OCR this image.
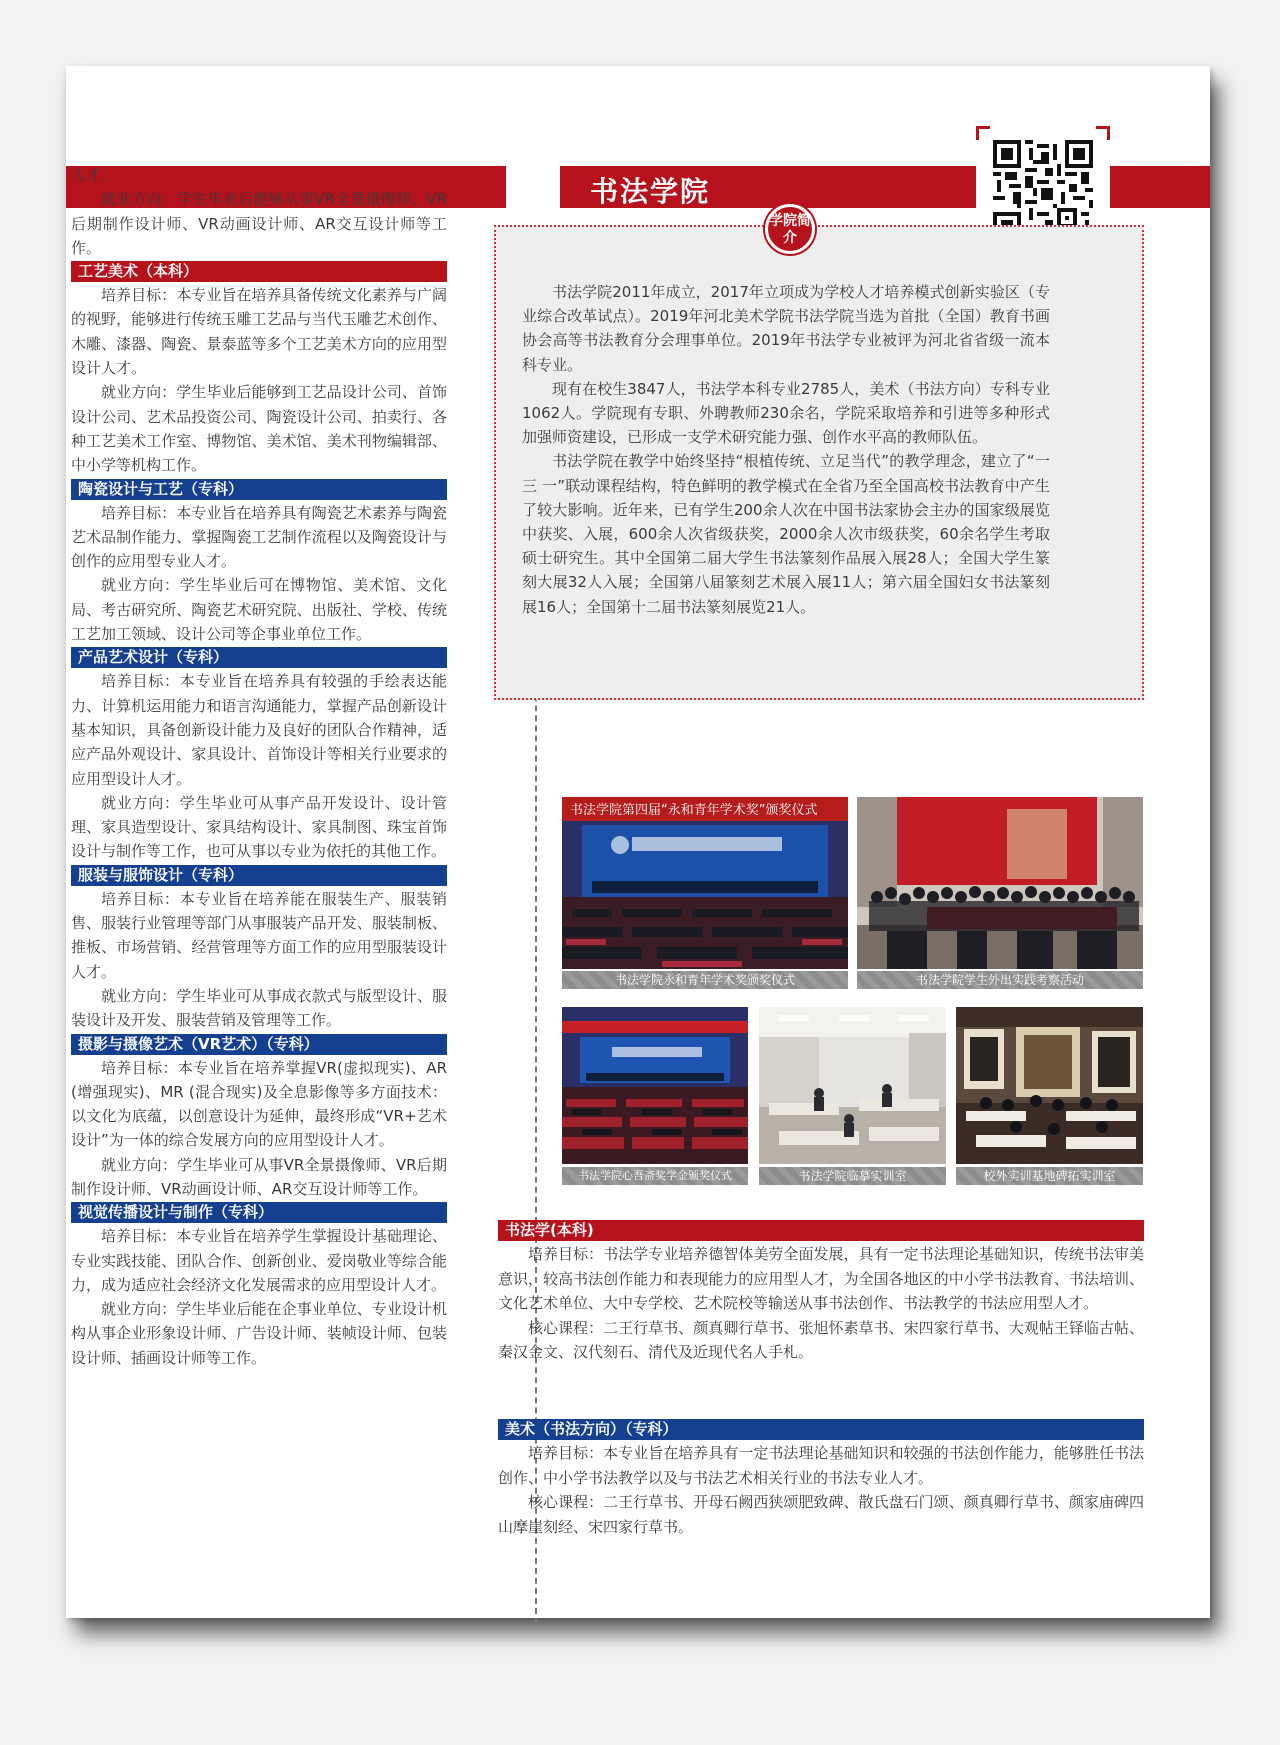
书法学院

人才。

就业方向：学生毕业后能够从事VR全景摄像师、VR后期制作设计师、VR动画设计师、AR交互设计师等工作。

工艺美术（本科）

培养目标：本专业旨在培养具备传统文化素养与广阔的视野，能够进行传统玉雕工艺品与当代玉雕艺术创作、木雕、漆器、陶瓷、景泰蓝等多个工艺美术方向的应用型设计人才。

就业方向：学生毕业后能够到工艺品设计公司、首饰设计公司、艺术品投资公司、陶瓷设计公司、拍卖行、各种工艺美术工作室、博物馆、美术馆、美术刊物编辑部、中小学等机构工作。

陶瓷设计与工艺（专科）

培养目标：本专业旨在培养具有陶瓷艺术素养与陶瓷艺术品制作能力、掌握陶瓷工艺制作流程以及陶瓷设计与创作的应用型专业人才。

就业方向：学生毕业后可在博物馆、美术馆、文化局、考古研究所、陶瓷艺术研究院、出版社、学校、传统工艺加工领域、设计公司等企事业单位工作。

产品艺术设计（专科）

培养目标：本专业旨在培养具有较强的手绘表达能力、计算机运用能力和语言沟通能力，掌握产品创新设计基本知识，具备创新设计能力及良好的团队合作精神，适应产品外观设计、家具设计、首饰设计等相关行业要求的应用型设计人才。

就业方向：学生毕业可从事产品开发设计、设计管理、家具造型设计、家具结构设计、家具制图、珠宝首饰设计与制作等工作，也可从事以专业为依托的其他工作。

服装与服饰设计（专科）

培养目标：本专业旨在培养能在服装生产、服装销售、服装行业管理等部门从事服装产品开发、服装制板、推板、市场营销、经营管理等方面工作的应用型服装设计人才。

就业方向：学生毕业可从事成衣款式与版型设计、服装设计及开发、服装营销及管理等工作。

摄影与摄像艺术（VR艺术）（专科）

培养目标：本专业旨在培养掌握VR(虚拟现实)、AR (增强现实)、MR (混合现实)及全息影像等多方面技术：以文化为底蕴，以创意设计为延伸，最终形成“VR+艺术设计”为一体的综合发展方向的应用型设计人才。

就业方向：学生毕业可从事VR全景摄像师、VR后期制作设计师、VR动画设计师、AR交互设计师等工作。

视觉传播设计与制作（专科）

培养目标：本专业旨在培养学生掌握设计基础理论、专业实践技能、团队合作、创新创业、爱岗敬业等综合能力，成为适应社会经济文化发展需求的应用型设计人才。

就业方向：学生毕业后能在企事业单位、专业设计机构从事企业形象设计师、广告设计师、装帧设计师、包装设计师、插画设计师等工作。

学院简介

书法学院2011年成立，2017年立项成为学校人才培养模式创新实验区（专业综合改革试点）。2019年河北美术学院书法学院当选为首批（全国）教育书画协会高等书法教育分会理事单位。2019年书法学专业被评为河北省省级一流本科专业。

现有在校生3847人，书法学本科专业2785人，美术（书法方向）专科专业1062人。学院现有专职、外聘教师230余名，学院采取培养和引进等多种形式加强师资建设，已形成一支学术研究能力强、创作水平高的教师队伍。

书法学院在教学中始终坚持“根植传统、立足当代”的教学理念，建立了“一 三 一”联动课程结构，特色鲜明的教学模式在全省乃至全国高校书法教育中产生了较大影响。近年来，已有学生200余人次在中国书法家协会主办的国家级展览中获奖、入展，600余人次省级获奖，2000余人次市级获奖，60余名学生考取硕士研究生。其中全国第二届大学生书法篆刻作品展入展28人；全国大学生篆刻大展32人入展；全国第八届篆刻艺术展入展11人；第六届全国妇女书法篆刻展16人；全国第十二届书法篆刻展览21人。

书法学院第四届“永和青年学术奖”颁奖仪式
书法学院永和青年学术奖颁奖仪式	书法学院学生外出实践考察活动
书法学院心吾斋奖学金颁奖仪式	书法学院临摹实训室	校外实训基地碑拓实训室
书法学(本科)

培养目标：书法学专业培养德智体美劳全面发展，具有一定书法理论基础知识，传统书法审美意识，较高书法创作能力和表现能力的应用型人才，为全国各地区的中小学书法教育、书法培训、文化艺术单位、大中专学校、艺术院校等输送从事书法创作、书法教学的书法应用型人才。

核心课程：二王行草书、颜真卿行草书、张旭怀素草书、宋四家行草书、大观帖王铎临古帖、秦汉金文、汉代刻石、清代及近现代名人手札。

美术（书法方向）（专科）

培养目标：本专业旨在培养具有一定书法理论基础知识和较强的书法创作能力，能够胜任书法创作、中小学书法教学以及与书法艺术相关行业的书法专业人才。

核心课程：二王行草书、开母石阙西狭颂肥致碑、散氏盘石门颂、颜真卿行草书、颜家庙碑四山摩崖刻经、宋四家行草书。
